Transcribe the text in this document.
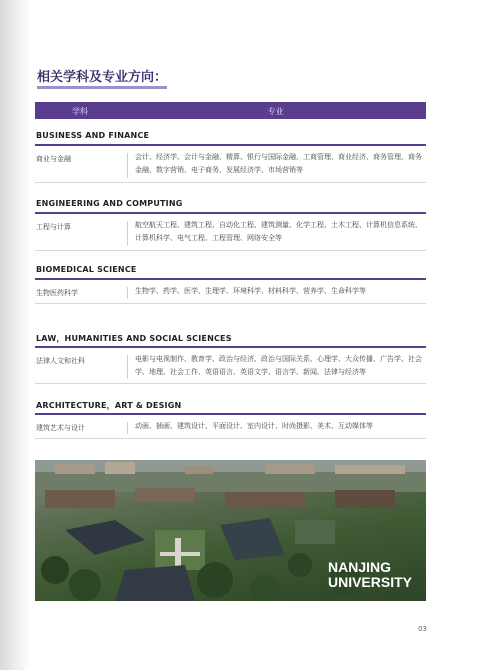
相关学科及专业方向：
学科	专业
BUSINESS AND FINANCE
商业与金融	会计、经济学、会计与金融、精算、银行与国际金融、工商管理、商业经济、商务管理、商务金融、数字营销、电子商务、发展经济学、市场营销等
ENGINEERING AND COMPUTING
工程与计算	航空航天工程、建筑工程、自动化工程、建筑测量、化学工程、土木工程、计算机信息系统、计算机科学、电气工程、工程管理、网络安全等
BIOMEDICAL SCIENCE
生物医药科学	生物学、药学、医学、生理学、环境科学、材料科学、营养学、生命科学等
LAW，HUMANITIES AND SOCIAL SCIENCES
法律人文和社科	电影与电视制作、教育学、政治与经济、政治与国际关系、心理学、大众传播、广告学、社会学、地理、社会工作、英语语言、英语文学、语言学、新闻、法律与经济等
ARCHITECTURE，ART & DESIGN
建筑艺术与设计	动画、插画、建筑设计、平面设计、室内设计、时尚摄影、美术、互动媒体等
NANJING
UNIVERSITY
03
